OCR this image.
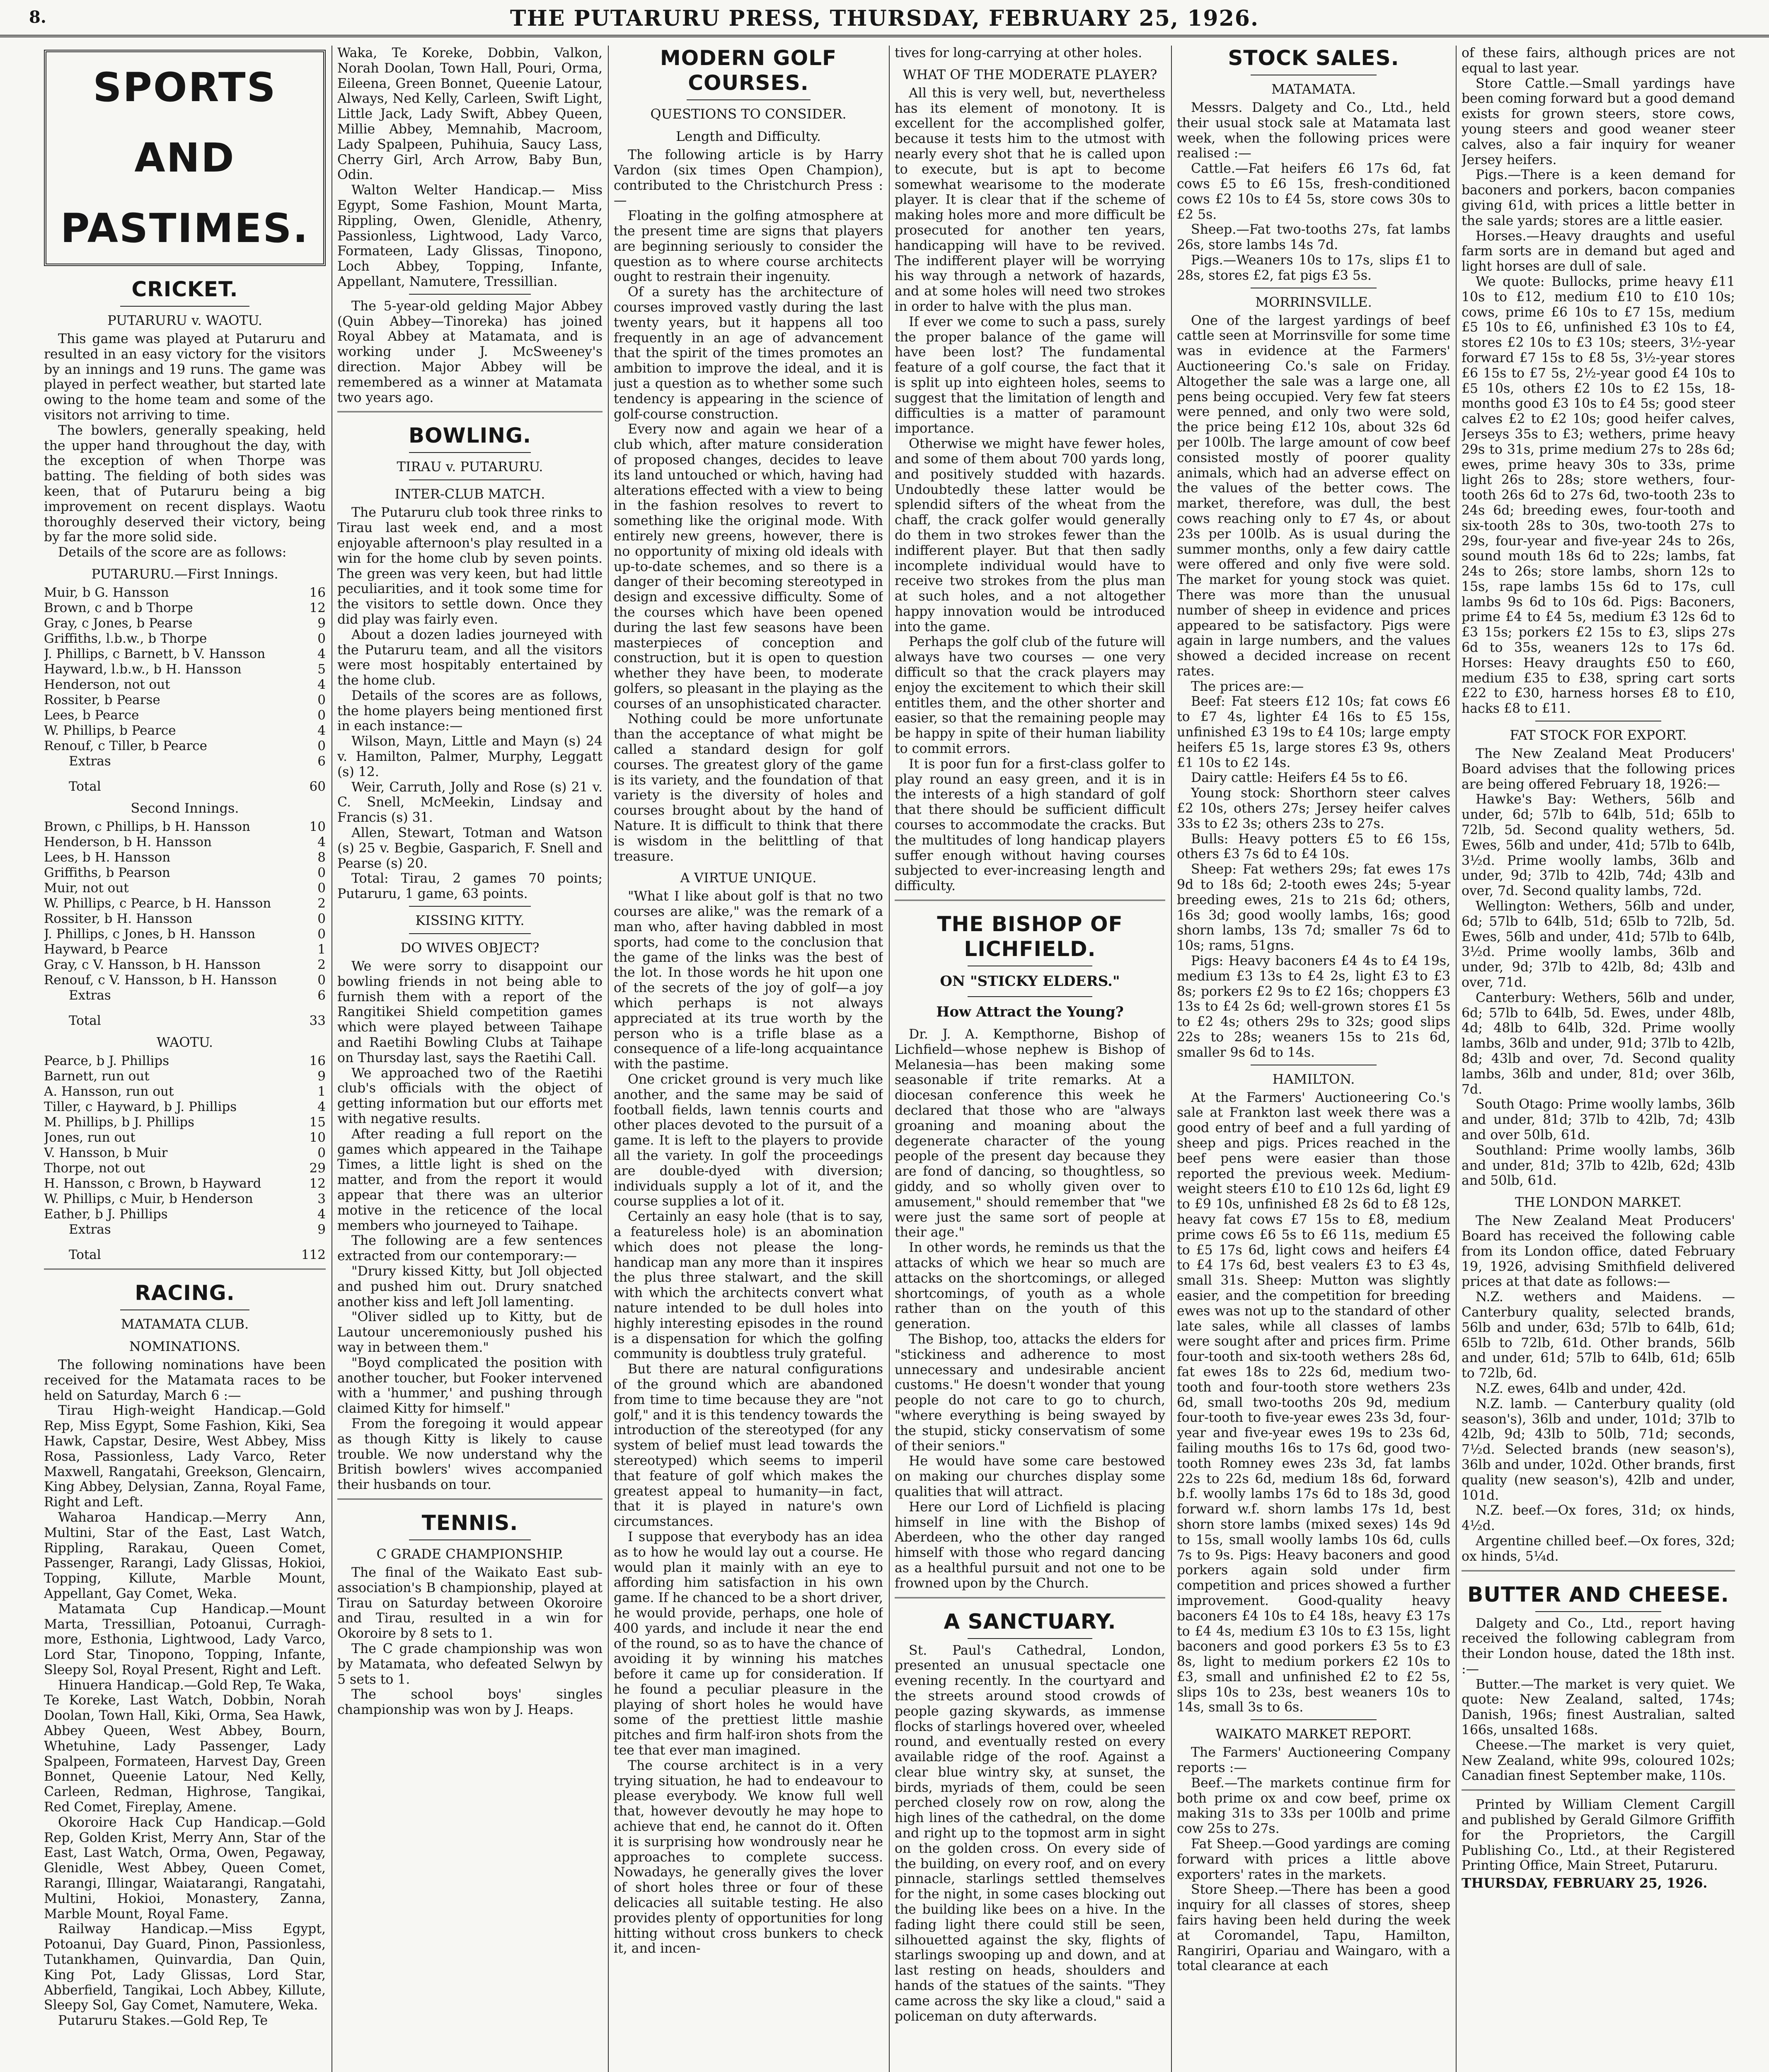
8.	THE PUTARURU PRESS, THURSDAY, FEBRUARY 25, 1926.
SPORTS AND PASTIMES.
CRICKET.
PUTARURU v. WAOTU.

This game was played at Putaruru and resulted in an easy victory for the visitors by an innings and 19 runs. The game was played in perfect weather, but started late owing to the home team and some of the visitors not arriving to time.

The bowlers, generally speaking, held the upper hand throughout the day, with the exception of when Thorpe was batting. The fielding of both sides was keen, that of Putaruru being a big improvement on recent displays. Waotu thoroughly deserved their victory, being by far the more solid side.

Details of the score are as follows:

PUTARURU.—First Innings.
Muir, b G. Hansson	16
Brown, c and b Thorpe	12
Gray, c Jones, b Pearse	9
Griffiths, l.b.w., b Thorpe	0
J. Phillips, c Barnett, b V. Hansson	4
Hayward, l.b.w., b H. Hansson	5
Henderson, not out	4
Rossiter, b Pearse	0
Lees, b Pearce	0
W. Phillips, b Pearce	4
Renouf, c Tiller, b Pearce	0
Extras	6
Total	60
Second Innings.
Brown, c Phillips, b H. Hansson	10
Henderson, b H. Hansson	4
Lees, b H. Hansson	8
Griffiths, b Pearson	0
Muir, not out	0
W. Phillips, c Pearce, b H. Hansson	2
Rossiter, b H. Hansson	0
J. Phillips, c Jones, b H. Hansson	0
Hayward, b Pearce	1
Gray, c V. Hansson, b H. Hansson	2
Renouf, c V. Hansson, b H. Hansson	0
Extras	6
Total	33
WAOTU.
Pearce, b J. Phillips	16
Barnett, run out	9
A. Hansson, run out	1
Tiller, c Hayward, b J. Phillips	4
M. Phillips, b J. Phillips	15
Jones, run out	10
V. Hansson, b Muir	0
Thorpe, not out	29
H. Hansson, c Brown, b Hayward	12
W. Phillips, c Muir, b Henderson	3
Eather, b J. Phillips	4
Extras	9
Total	112
RACING.
MATAMATA CLUB.
NOMINATIONS.

The following nominations have been received for the Matamata races to be held on Saturday, March 6 :—

Tirau High-weight Handicap.—Gold Rep, Miss Egypt, Some Fashion, Kiki, Sea Hawk, Capstar, Desire, West Abbey, Miss Rosa, Passionless, Lady Varco, Reter Maxwell, Rangatahi, Greekson, Glencairn, King Abbey, Delysian, Zanna, Royal Fame, Right and Left.

Waharoa Handicap.—Merry Ann, Multini, Star of the East, Last Watch, Rippling, Rarakau, Queen Comet, Passenger, Rarangi, Lady Glissas, Hokioi, Topping, Killute, Marble Mount, Appellant, Gay Comet, Weka.

Matamata Cup Handicap.—Mount Marta, Tressillian, Potoanui, Curragh-more, Esthonia, Lightwood, Lady Varco, Lord Star, Tinopono, Topping, Infante, Sleepy Sol, Royal Present, Right and Left.

Hinuera Handicap.—Gold Rep, Te Waka, Te Koreke, Last Watch, Dobbin, Norah Doolan, Town Hall, Kiki, Orma, Sea Hawk, Abbey Queen, West Abbey, Bourn, Whetuhine, Lady Passenger, Lady Spalpeen, Formateen, Harvest Day, Green Bonnet, Queenie Latour, Ned Kelly, Carleen, Redman, Highrose, Tangikai, Red Comet, Fireplay, Amene.

Okoroire Hack Cup Handicap.—Gold Rep, Golden Krist, Merry Ann, Star of the East, Last Watch, Orma, Owen, Pegaway, Glenidle, West Abbey, Queen Comet, Rarangi, Illingar, Waiatarangi, Rangatahi, Multini, Hokioi, Monastery, Zanna, Marble Mount, Royal Fame.

Railway Handicap.—Miss Egypt, Potoanui, Day Guard, Pinon, Passionless, Tutankhamen, Quinvardia, Dan Quin, King Pot, Lady Glissas, Lord Star, Abberfield, Tangikai, Loch Abbey, Killute, Sleepy Sol, Gay Comet, Namutere, Weka.

Putaruru Stakes.—Gold Rep, Te

Waka, Te Koreke, Dobbin, Valkon, Norah Doolan, Town Hall, Pouri, Orma, Eileena, Green Bonnet, Queenie Latour, Always, Ned Kelly, Carleen, Swift Light, Little Jack, Lady Swift, Abbey Queen, Millie Abbey, Memnahib, Macroom, Lady Spalpeen, Puhihuia, Saucy Lass, Cherry Girl, Arch Arrow, Baby Bun, Odin.

Walton Welter Handicap.— Miss Egypt, Some Fashion, Mount Marta, Rippling, Owen, Glenidle, Athenry, Passionless, Lightwood, Lady Varco, Formateen, Lady Glissas, Tinopono, Loch Abbey, Topping, Infante, Appellant, Namutere, Tressillian.

The 5-year-old gelding Major Abbey (Quin Abbey—Tinoreka) has joined Royal Abbey at Matamata, and is working under J. McSweeney's direction. Major Abbey will be remembered as a winner at Matamata two years ago.

BOWLING.
TIRAU v. PUTARURU.
INTER-CLUB MATCH.

The Putaruru club took three rinks to Tirau last week end, and a most enjoyable afternoon's play resulted in a win for the home club by seven points. The green was very keen, but had little peculiarities, and it took some time for the visitors to settle down. Once they did play was fairly even.

About a dozen ladies journeyed with the Putaruru team, and all the visitors were most hospitably entertained by the home club.

Details of the scores are as follows, the home players being mentioned first in each instance:—

Wilson, Mayn, Little and Mayn (s) 24 v. Hamilton, Palmer, Murphy, Leggatt (s) 12.

Weir, Carruth, Jolly and Rose (s) 21 v. C. Snell, McMeekin, Lindsay and Francis (s) 31.

Allen, Stewart, Totman and Watson (s) 25 v. Begbie, Gasparich, F. Snell and Pearse (s) 20.

Total: Tirau, 2 games 70 points; Putaruru, 1 game, 63 points.

KISSING KITTY.
DO WIVES OBJECT?

We were sorry to disappoint our bowling friends in not being able to furnish them with a report of the Rangitikei Shield competition games which were played between Taihape and Raetihi Bowling Clubs at Taihape on Thursday last, says the Raetihi Call.

We approached two of the Raetihi club's officials with the object of getting information but our efforts met with negative results.

After reading a full report on the games which appeared in the Taihape Times, a little light is shed on the matter, and from the report it would appear that there was an ulterior motive in the reticence of the local members who journeyed to Taihape.

The following are a few sentences extracted from our contemporary:—

"Drury kissed Kitty, but Joll objected and pushed him out. Drury snatched another kiss and left Joll lamenting.

"Oliver sidled up to Kitty, but de Lautour unceremoniously pushed his way in between them."

"Boyd complicated the position with another toucher, but Fooker intervened with a 'hummer,' and pushing through claimed Kitty for himself."

From the foregoing it would appear as though Kitty is likely to cause trouble. We now understand why the British bowlers' wives accompanied their husbands on tour.

TENNIS.
C GRADE CHAMPIONSHIP.

The final of the Waikato East sub-association's B championship, played at Tirau on Saturday between Okoroire and Tirau, resulted in a win for Okoroire by 8 sets to 1.

The C grade championship was won by Matamata, who defeated Selwyn by 5 sets to 1.

The school boys' singles championship was won by J. Heaps.

MODERN GOLF COURSES.
QUESTIONS TO CONSIDER.
Length and Difficulty.

The following article is by Harry Vardon (six times Open Champion), contributed to the Christchurch Press :—

Floating in the golfing atmosphere at the present time are signs that players are beginning seriously to consider the question as to where course architects ought to restrain their ingenuity.

Of a surety has the architecture of courses improved vastly during the last twenty years, but it happens all too frequently in an age of advancement that the spirit of the times promotes an ambition to improve the ideal, and it is just a question as to whether some such tendency is appearing in the science of golf-course construction.

Every now and again we hear of a club which, after mature consideration of proposed changes, decides to leave its land untouched or which, having had alterations effected with a view to being in the fashion resolves to revert to something like the original mode. With entirely new greens, however, there is no opportunity of mixing old ideals with up-to-date schemes, and so there is a danger of their becoming stereotyped in design and excessive difficulty. Some of the courses which have been opened during the last few seasons have been masterpieces of conception and construction, but it is open to question whether they have been, to moderate golfers, so pleasant in the playing as the courses of an unsophisticated character.

Nothing could be more unfortunate than the acceptance of what might be called a standard design for golf courses. The greatest glory of the game is its variety, and the foundation of that variety is the diversity of holes and courses brought about by the hand of Nature. It is difficult to think that there is wisdom in the belittling of that treasure.

A VIRTUE UNIQUE.

"What I like about golf is that no two courses are alike," was the remark of a man who, after having dabbled in most sports, had come to the conclusion that the game of the links was the best of the lot. In those words he hit upon one of the secrets of the joy of golf—a joy which perhaps is not always appreciated at its true worth by the person who is a trifle blase as a consequence of a life-long acquaintance with the pastime.

One cricket ground is very much like another, and the same may be said of football fields, lawn tennis courts and other places devoted to the pursuit of a game. It is left to the players to provide all the variety. In golf the proceedings are double-dyed with diversion; individuals supply a lot of it, and the course supplies a lot of it.

Certainly an easy hole (that is to say, a featureless hole) is an abomination which does not please the long-handicap man any more than it inspires the plus three stalwart, and the skill with which the architects convert what nature intended to be dull holes into highly interesting episodes in the round is a dispensation for which the golfing community is doubtless truly grateful.

But there are natural configurations of the ground which are abandoned from time to time because they are "not golf," and it is this tendency towards the introduction of the stereotyped (for any system of belief must lead towards the stereotyped) which seems to imperil that feature of golf which makes the greatest appeal to humanity—in fact, that it is played in nature's own circumstances.

I suppose that everybody has an idea as to how he would lay out a course. He would plan it mainly with an eye to affording him satisfaction in his own game. If he chanced to be a short driver, he would provide, perhaps, one hole of 400 yards, and include it near the end of the round, so as to have the chance of avoiding it by winning his matches before it came up for consideration. If he found a peculiar pleasure in the playing of short holes he would have some of the prettiest little mashie pitches and firm half-iron shots from the tee that ever man imagined.

The course architect is in a very trying situation, he had to endeavour to please everybody. We know full well that, however devoutly he may hope to achieve that end, he cannot do it. Often it is surprising how wondrously near he approaches to complete success. Nowadays, he generally gives the lover of short holes three or four of these delicacies all suitable testing. He also provides plenty of opportunities for long hitting without cross bunkers to check it, and incen-

tives for long-carrying at other holes.

WHAT OF THE MODERATE PLAYER?

All this is very well, but, nevertheless has its element of monotony. It is excellent for the accomplished golfer, because it tests him to the utmost with nearly every shot that he is called upon to execute, but is apt to become somewhat wearisome to the moderate player. It is clear that if the scheme of making holes more and more difficult be prosecuted for another ten years, handicapping will have to be revived. The indifferent player will be worrying his way through a network of hazards, and at some holes will need two strokes in order to halve with the plus man.

If ever we come to such a pass, surely the proper balance of the game will have been lost? The fundamental feature of a golf course, the fact that it is split up into eighteen holes, seems to suggest that the limitation of length and difficulties is a matter of paramount importance.

Otherwise we might have fewer holes, and some of them about 700 yards long, and positively studded with hazards. Undoubtedly these latter would be splendid sifters of the wheat from the chaff, the crack golfer would generally do them in two strokes fewer than the indifferent player. But that then sadly incomplete individual would have to receive two strokes from the plus man at such holes, and a not altogether happy innovation would be introduced into the game.

Perhaps the golf club of the future will always have two courses — one very difficult so that the crack players may enjoy the excitement to which their skill entitles them, and the other shorter and easier, so that the remaining people may be happy in spite of their human liability to commit errors.

It is poor fun for a first-class golfer to play round an easy green, and it is in the interests of a high standard of golf that there should be sufficient difficult courses to accommodate the cracks. But the multitudes of long handicap players suffer enough without having courses subjected to ever-increasing length and difficulty.

THE BISHOP OF LICHFIELD.
ON "STICKY ELDERS."
How Attract the Young?

Dr. J. A. Kempthorne, Bishop of Lichfield—whose nephew is Bishop of Melanesia—has been making some seasonable if trite remarks. At a diocesan conference this week he declared that those who are "always groaning and moaning about the degenerate character of the young people of the present day because they are fond of dancing, so thoughtless, so giddy, and so wholly given over to amusement," should remember that "we were just the same sort of people at their age."

In other words, he reminds us that the attacks of which we hear so much are attacks on the shortcomings, or alleged shortcomings, of youth as a whole rather than on the youth of this generation.

The Bishop, too, attacks the elders for "stickiness and adherence to most unnecessary and undesirable ancient customs." He doesn't wonder that young people do not care to go to church, "where everything is being swayed by the stupid, sticky conservatism of some of their seniors."

He would have some care bestowed on making our churches display some qualities that will attract.

Here our Lord of Lichfield is placing himself in line with the Bishop of Aberdeen, who the other day ranged himself with those who regard dancing as a healthful pursuit and not one to be frowned upon by the Church.

A SANCTUARY.

St. Paul's Cathedral, London, presented an unusual spectacle one evening recently. In the courtyard and the streets around stood crowds of people gazing skywards, as immense flocks of starlings hovered over, wheeled round, and eventually rested on every available ridge of the roof. Against a clear blue wintry sky, at sunset, the birds, myriads of them, could be seen perched closely row on row, along the high lines of the cathedral, on the dome and right up to the topmost arm in sight on the golden cross. On every side of the building, on every roof, and on every pinnacle, starlings settled themselves for the night, in some cases blocking out the building like bees on a hive. In the fading light there could still be seen, silhouetted against the sky, flights of starlings swooping up and down, and at last resting on heads, shoulders and hands of the statues of the saints. "They came across the sky like a cloud," said a policeman on duty afterwards.

STOCK SALES.
MATAMATA.

Messrs. Dalgety and Co., Ltd., held their usual stock sale at Matamata last week, when the following prices were realised :—

Cattle.—Fat heifers £6 17s 6d, fat cows £5 to £6 15s, fresh-conditioned cows £2 10s to £4 5s, store cows 30s to £2 5s.

Sheep.—Fat two-tooths 27s, fat lambs 26s, store lambs 14s 7d.

Pigs.—Weaners 10s to 17s, slips £1 to 28s, stores £2, fat pigs £3 5s.

MORRINSVILLE.

One of the largest yardings of beef cattle seen at Morrinsville for some time was in evidence at the Farmers' Auctioneering Co.'s sale on Friday. Altogether the sale was a large one, all pens being occupied. Very few fat steers were penned, and only two were sold, the price being £12 10s, about 32s 6d per 100lb. The large amount of cow beef consisted mostly of poorer quality animals, which had an adverse effect on the values of the better cows. The market, therefore, was dull, the best cows reaching only to £7 4s, or about 23s per 100lb. As is usual during the summer months, only a few dairy cattle were offered and only five were sold. The market for young stock was quiet. There was more than the unusual number of sheep in evidence and prices appeared to be satisfactory. Pigs were again in large numbers, and the values showed a decided increase on recent rates.

The prices are:—

Beef: Fat steers £12 10s; fat cows £6 to £7 4s, lighter £4 16s to £5 15s, unfinished £3 19s to £4 10s; large empty heifers £5 1s, large stores £3 9s, others £1 10s to £2 14s.

Dairy cattle: Heifers £4 5s to £6.

Young stock: Shorthorn steer calves £2 10s, others 27s; Jersey heifer calves 33s to £2 3s; others 23s to 27s.

Bulls: Heavy potters £5 to £6 15s, others £3 7s 6d to £4 10s.

Sheep: Fat wethers 29s; fat ewes 17s 9d to 18s 6d; 2-tooth ewes 24s; 5-year breeding ewes, 21s to 21s 6d; others, 16s 3d; good woolly lambs, 16s; good shorn lambs, 13s 7d; smaller 7s 6d to 10s; rams, 51gns.

Pigs: Heavy baconers £4 4s to £4 19s, medium £3 13s to £4 2s, light £3 to £3 8s; porkers £2 9s to £2 16s; choppers £3 13s to £4 2s 6d; well-grown stores £1 5s to £2 4s; others 29s to 32s; good slips 22s to 28s; weaners 15s to 21s 6d, smaller 9s 6d to 14s.

HAMILTON.

At the Farmers' Auctioneering Co.'s sale at Frankton last week there was a good entry of beef and a full yarding of sheep and pigs. Prices reached in the beef pens were easier than those reported the previous week. Medium-weight steers £10 to £10 12s 6d, light £9 to £9 10s, unfinished £8 2s 6d to £8 12s, heavy fat cows £7 15s to £8, medium prime cows £6 5s to £6 11s, medium £5 to £5 17s 6d, light cows and heifers £4 to £4 17s 6d, best vealers £3 to £3 4s, small 31s. Sheep: Mutton was slightly easier, and the competition for breeding ewes was not up to the standard of other late sales, while all classes of lambs were sought after and prices firm. Prime four-tooth and six-tooth wethers 28s 6d, fat ewes 18s to 22s 6d, medium two-tooth and four-tooth store wethers 23s 6d, small two-tooths 20s 9d, medium four-tooth to five-year ewes 23s 3d, four-year and five-year ewes 19s to 23s 6d, failing mouths 16s to 17s 6d, good two-tooth Romney ewes 23s 3d, fat lambs 22s to 22s 6d, medium 18s 6d, forward b.f. woolly lambs 17s 6d to 18s 3d, good forward w.f. shorn lambs 17s 1d, best shorn store lambs (mixed sexes) 14s 9d to 15s, small woolly lambs 10s 6d, culls 7s to 9s. Pigs: Heavy baconers and good porkers again sold under firm competition and prices showed a further improvement. Good-quality heavy baconers £4 10s to £4 18s, heavy £3 17s to £4 4s, medium £3 10s to £3 15s, light baconers and good porkers £3 5s to £3 8s, light to medium porkers £2 10s to £3, small and unfinished £2 to £2 5s, slips 10s to 23s, best weaners 10s to 14s, small 3s to 6s.

WAIKATO MARKET REPORT.

The Farmers' Auctioneering Company reports :—

Beef.—The markets continue firm for both prime ox and cow beef, prime ox making 31s to 33s per 100lb and prime cow 25s to 27s.

Fat Sheep.—Good yardings are coming forward with prices a little above exporters' rates in the markets.

Store Sheep.—There has been a good inquiry for all classes of stores, sheep fairs having been held during the week at Coromandel, Tapu, Hamilton, Rangiriri, Opariau and Waingaro, with a total clearance at each

of these fairs, although prices are not equal to last year.

Store Cattle.—Small yardings have been coming forward but a good demand exists for grown steers, store cows, young steers and good weaner steer calves, also a fair inquiry for weaner Jersey heifers.

Pigs.—There is a keen demand for baconers and porkers, bacon companies giving 61d, with prices a little better in the sale yards; stores are a little easier.

Horses.—Heavy draughts and useful farm sorts are in demand but aged and light horses are dull of sale.

We quote: Bullocks, prime heavy £11 10s to £12, medium £10 to £10 10s; cows, prime £6 10s to £7 15s, medium £5 10s to £6, unfinished £3 10s to £4, stores £2 10s to £3 10s; steers, 3½-year forward £7 15s to £8 5s, 3½-year stores £6 15s to £7 5s, 2½-year good £4 10s to £5 10s, others £2 10s to £2 15s, 18-months good £3 10s to £4 5s; good steer calves £2 to £2 10s; good heifer calves, Jerseys 35s to £3; wethers, prime heavy 29s to 31s, prime medium 27s to 28s 6d; ewes, prime heavy 30s to 33s, prime light 26s to 28s; store wethers, four-tooth 26s 6d to 27s 6d, two-tooth 23s to 24s 6d; breeding ewes, four-tooth and six-tooth 28s to 30s, two-tooth 27s to 29s, four-year and five-year 24s to 26s, sound mouth 18s 6d to 22s; lambs, fat 24s to 26s; store lambs, shorn 12s to 15s, rape lambs 15s 6d to 17s, cull lambs 9s 6d to 10s 6d. Pigs: Baconers, prime £4 to £4 5s, medium £3 12s 6d to £3 15s; porkers £2 15s to £3, slips 27s 6d to 35s, weaners 12s to 17s 6d. Horses: Heavy draughts £50 to £60, medium £35 to £38, spring cart sorts £22 to £30, harness horses £8 to £10, hacks £8 to £11.

FAT STOCK FOR EXPORT.

The New Zealand Meat Producers' Board advises that the following prices are being offered February 18, 1926:—

Hawke's Bay: Wethers, 56lb and under, 6d; 57lb to 64lb, 51d; 65lb to 72lb, 5d. Second quality wethers, 5d. Ewes, 56lb and under, 41d; 57lb to 64lb, 3½d. Prime woolly lambs, 36lb and under, 9d; 37lb to 42lb, 74d; 43lb and over, 7d. Second quality lambs, 72d.

Wellington: Wethers, 56lb and under, 6d; 57lb to 64lb, 51d; 65lb to 72lb, 5d. Ewes, 56lb and under, 41d; 57lb to 64lb, 3½d. Prime woolly lambs, 36lb and under, 9d; 37lb to 42lb, 8d; 43lb and over, 71d.

Canterbury: Wethers, 56lb and under, 6d; 57lb to 64lb, 5d. Ewes, under 48lb, 4d; 48lb to 64lb, 32d. Prime woolly lambs, 36lb and under, 91d; 37lb to 42lb, 8d; 43lb and over, 7d. Second quality lambs, 36lb and under, 81d; over 36lb, 7d.

South Otago: Prime woolly lambs, 36lb and under, 81d; 37lb to 42lb, 7d; 43lb and over 50lb, 61d.

Southland: Prime woolly lambs, 36lb and under, 81d; 37lb to 42lb, 62d; 43lb and 50lb, 61d.

THE LONDON MARKET.

The New Zealand Meat Producers' Board has received the following cable from its London office, dated February 19, 1926, advising Smithfield delivered prices at that date as follows:—

N.Z. wethers and Maidens. — Canterbury quality, selected brands, 56lb and under, 63d; 57lb to 64lb, 61d; 65lb to 72lb, 61d. Other brands, 56lb and under, 61d; 57lb to 64lb, 61d; 65lb to 72lb, 6d.

N.Z. ewes, 64lb and under, 42d.

N.Z. lamb. — Canterbury quality (old season's), 36lb and under, 101d; 37lb to 42lb, 9d; 43lb to 50lb, 71d; seconds, 7½d. Selected brands (new season's), 36lb and under, 102d. Other brands, first quality (new season's), 42lb and under, 101d.

N.Z. beef.—Ox fores, 31d; ox hinds, 4½d.

Argentine chilled beef.—Ox fores, 32d; ox hinds, 5¼d.

BUTTER AND CHEESE.

Dalgety and Co., Ltd., report having received the following cablegram from their London house, dated the 18th inst. :—

Butter.—The market is very quiet. We quote: New Zealand, salted, 174s; Danish, 196s; finest Australian, salted 166s, unsalted 168s.

Cheese.—The market is very quiet, New Zealand, white 99s, coloured 102s; Canadian finest September make, 110s.

Printed by William Clement Cargill and published by Gerald Gilmore Griffith for the Proprietors, the Cargill Publishing Co., Ltd., at their Registered Printing Office, Main Street, Putaruru.

THURSDAY, FEBRUARY 25, 1926.
